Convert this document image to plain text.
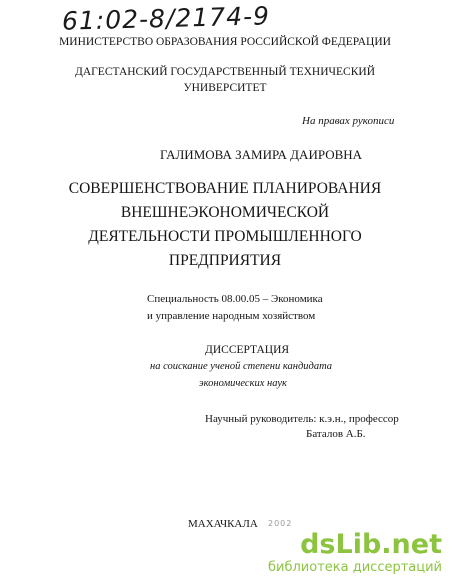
61:02-8/2174-9
МИНИСТЕРСТВО ОБРАЗОВАНИЯ РОССИЙСКОЙ ФЕДЕРАЦИИ
ДАГЕСТАНСКИЙ ГОСУДАРСТВЕННЫЙ ТЕХНИЧЕСКИЙ
УНИВЕРСИТЕТ
На правах рукописи
ГАЛИМОВА ЗАМИРА ДАИРОВНА
СОВЕРШЕНСТВОВАНИЕ ПЛАНИРОВАНИЯ
ВНЕШНЕЭКОНОМИЧЕСКОЙ
ДЕЯТЕЛЬНОСТИ ПРОМЫШЛЕННОГО
ПРЕДПРИЯТИЯ
Специальность 08.00.05 – Экономика
и управление народным хозяйством
ДИССЕРТАЦИЯ
на соискание ученой степени кандидата
экономических наук
Научный руководитель: к.э.н., профессор
Баталов А.Б.
МАХАЧКАЛА 2002
dsLib.net
библиотека диссертаций
